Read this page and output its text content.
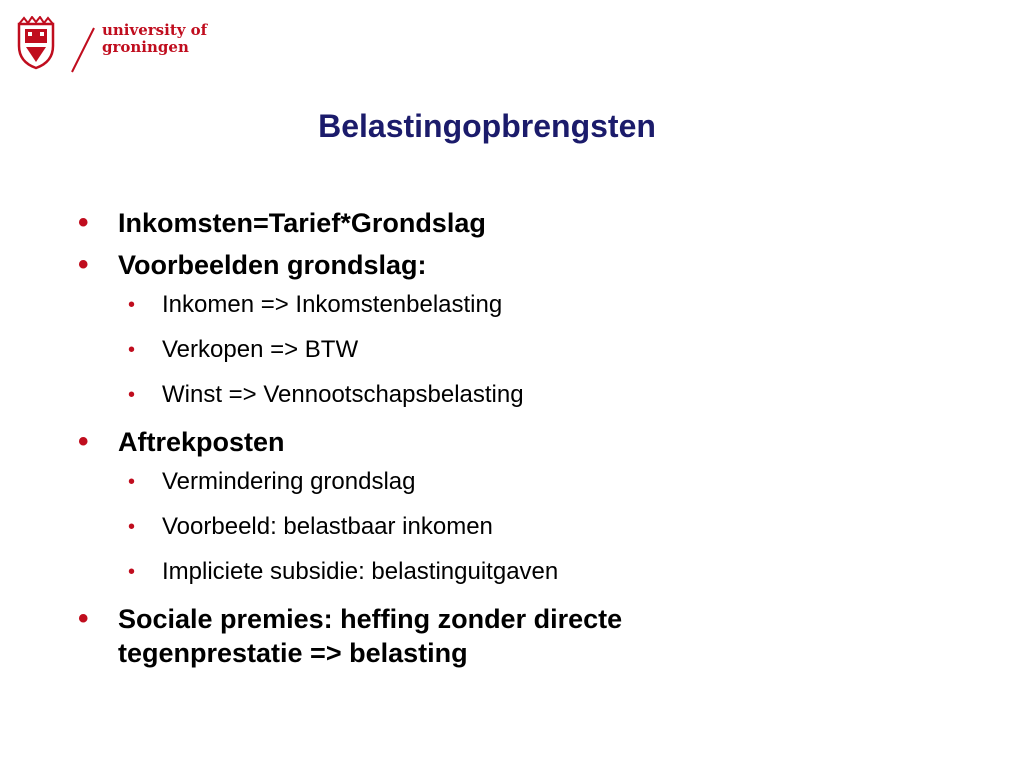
university of
groningen
Belastingopbrengsten
• Inkomsten=Tarief*Grondslag
• Voorbeelden grondslag:
• Inkomen => Inkomstenbelasting
• Verkopen => BTW
• Winst => Vennootschapsbelasting
• Aftrekposten
• Vermindering grondslag
• Voorbeeld: belastbaar inkomen
• Impliciete subsidie: belastinguitgaven
• Sociale premies: heffing zonder directe
tegenprestatie => belasting
